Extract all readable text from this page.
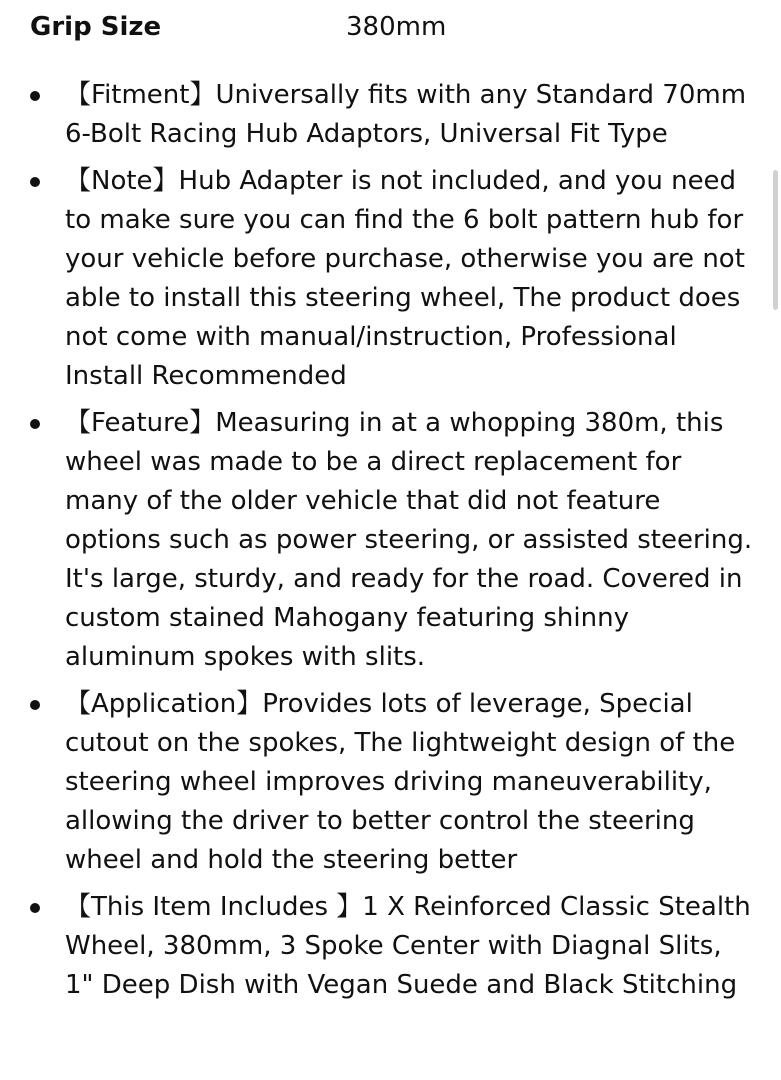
Grip Size	380mm
【Fitment】Universally fits with any Standard 70mm 6-Bolt Racing Hub Adaptors, Universal Fit Type
【Note】Hub Adapter is not included, and you need to make sure you can find the 6 bolt pattern hub for your vehicle before purchase, otherwise you are not able to install this steering wheel, The product does not come with manual/instruction, Professional Install Recommended
【Feature】Measuring in at a whopping 380m, this wheel was made to be a direct replacement for many of the older vehicle that did not feature options such as power steering, or assisted steering. It's large, sturdy, and ready for the road. Covered in custom stained Mahogany featuring shinny aluminum spokes with slits.
【Application】Provides lots of leverage, Special cutout on the spokes, The lightweight design of the steering wheel improves driving maneuverability, allowing the driver to better control the steering wheel and hold the steering better
【This Item Includes 】1 X Reinforced Classic Stealth Wheel, 380mm, 3 Spoke Center with Diagnal Slits, 1" Deep Dish with Vegan Suede and Black Stitching
